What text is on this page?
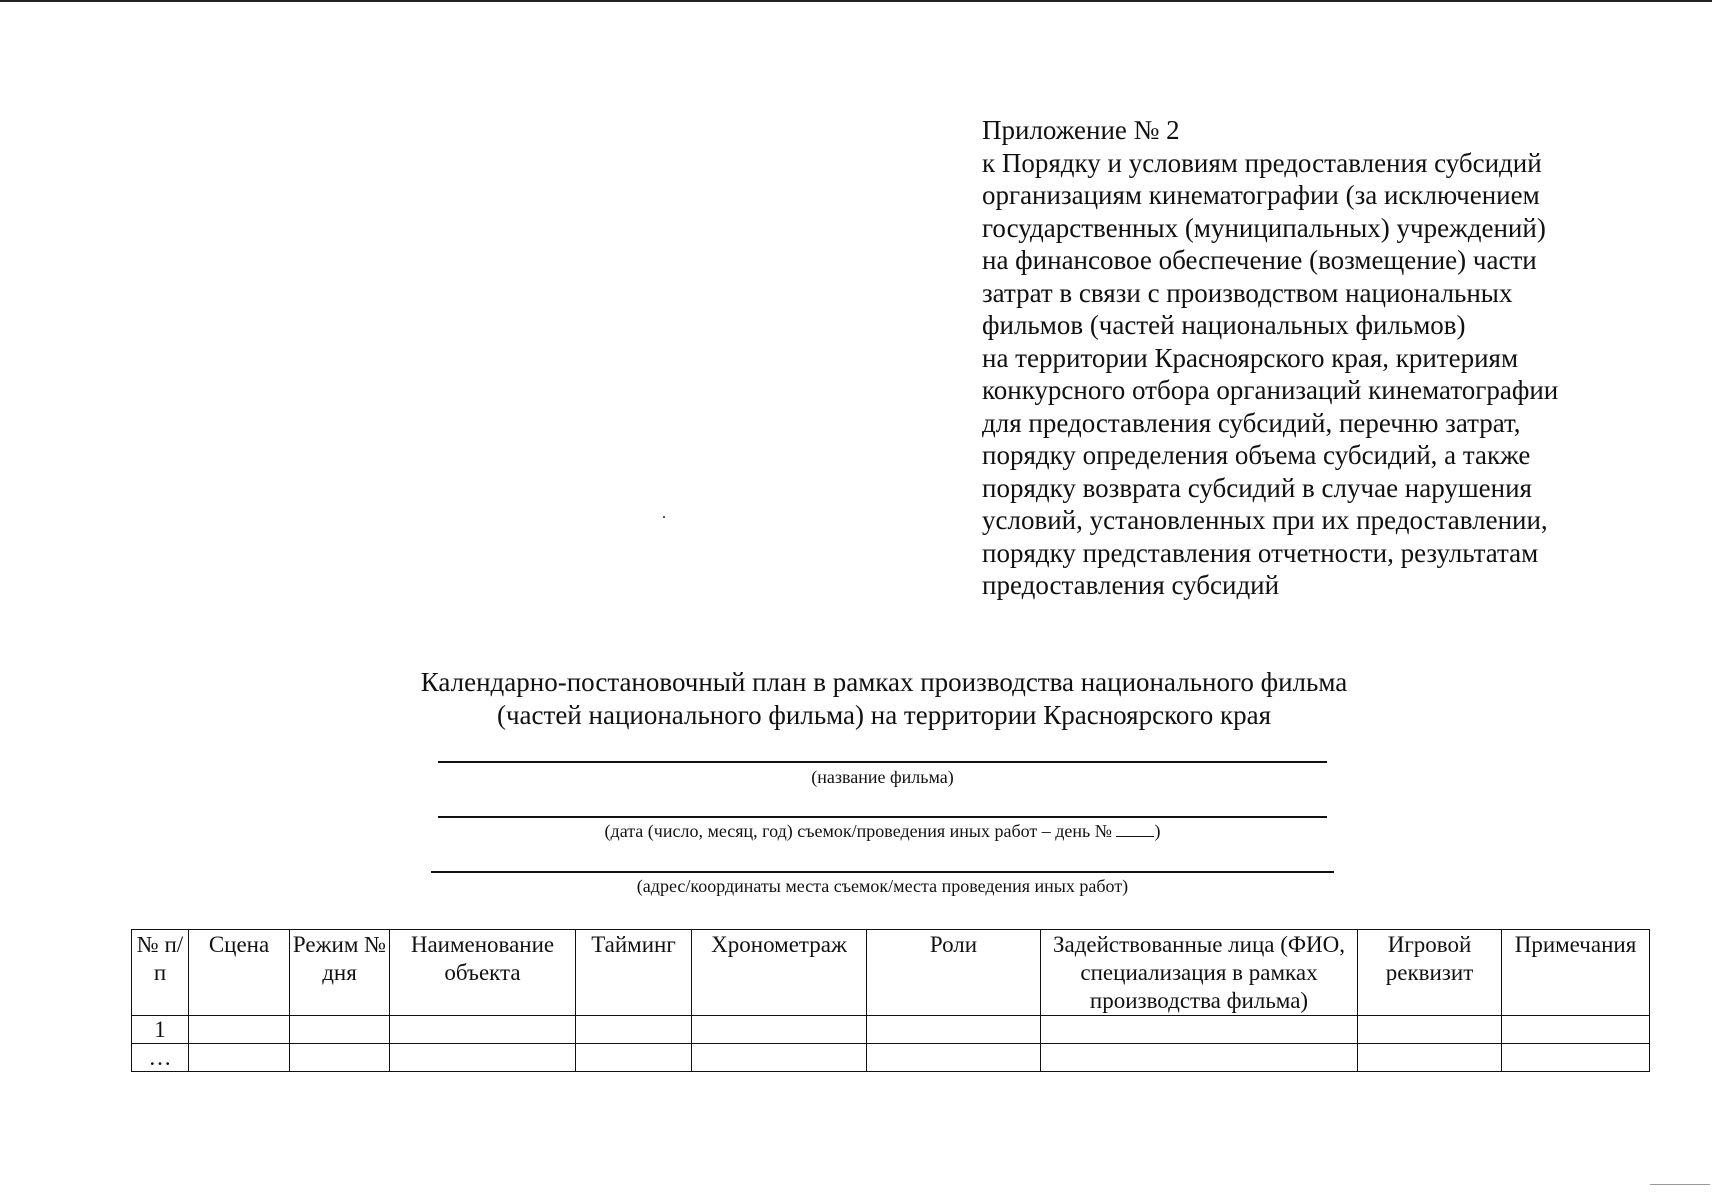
Приложение № 2
к Порядку и условиям предоставления субсидий
организациям кинематографии (за исключением
государственных (муниципальных) учреждений)
на финансовое обеспечение (возмещение) части
затрат в связи с производством национальных
фильмов (частей национальных фильмов)
на территории Красноярского края, критериям
конкурсного отбора организаций кинематографии
для предоставления субсидий, перечню затрат,
порядку определения объема субсидий, а также
порядку возврата субсидий в случае нарушения
условий, установленных при их предоставлении,
порядку представления отчетности, результатам
предоставления субсидий
Календарно-постановочный план в рамках производства национального фильма
(частей национального фильма) на территории Красноярского края
(название фильма)
(дата (число, месяц, год) съемок/проведения иных работ – день № )
(адрес/координаты места съемок/места проведения иных работ)
№ п/п	Сцена	Режим № дня	Наименование объекта	Тайминг	Хронометраж	Роли	Задействованные лица (ФИО, специализация в рамках производства фильма)	Игровой реквизит	Примечания
1									
…									
